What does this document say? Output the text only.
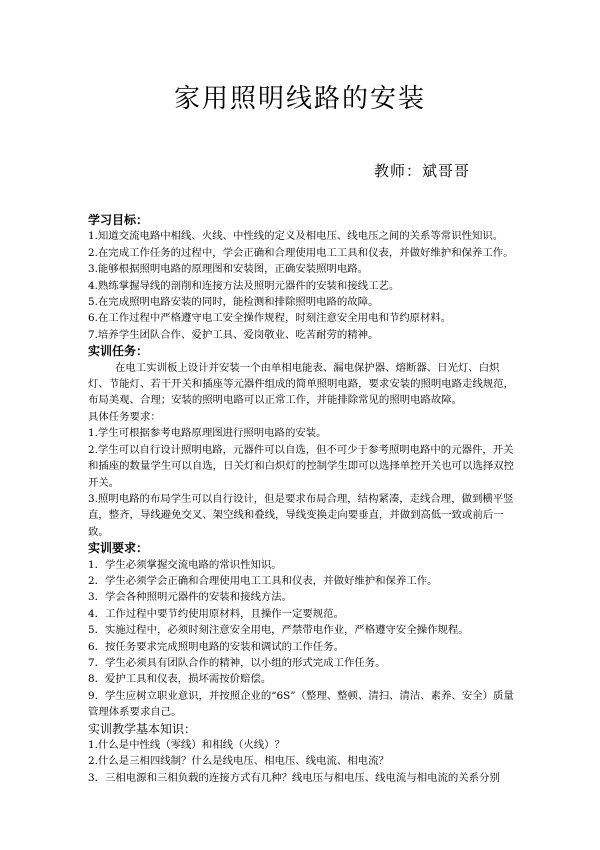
家用照明线路的安装
教师：斌哥哥

学习目标：

1.知道交流电路中相线、火线、中性线的定义及相电压、线电压之间的关系等常识性知识。

2.在完成工作任务的过程中，学会正确和合理使用电工工具和仪表，并做好维护和保养工作。

3.能够根据照明电路的原理图和安装图，正确安装照明电路。

4.熟练掌握导线的剖削和连接方法及照明元器件的安装和接线工艺。

5.在完成照明电路安装的同时，能检测和排除照明电路的故障。

6.在工作过程中严格遵守电工安全操作规程，时刻注意安全用电和节约原材料。

7.培养学生团队合作、爱护工具、爱岗敬业、吃苦耐劳的精神。

实训任务：

在电工实训板上设计并安装一个由单相电能表、漏电保护器、熔断器、日光灯、白炽灯、节能灯、若干开关和插座等元器件组成的简单照明电路，要求安装的照明电路走线规范，布局美观、合理；安装的照明电路可以正常工作，并能排除常见的照明电路故障。

具体任务要求：

1.学生可根据参考电路原理图进行照明电路的安装。

2.学生可以自行设计照明电路，元器件可以自选，但不可少于参考照明电路中的元器件，开关和插座的数量学生可以自选，日关灯和白炽灯的控制学生即可以选择单控开关也可以选择双控开关。

3.照明电路的布局学生可以自行设计，但是要求布局合理，结构紧凑，走线合理，做到横平竖直，整齐，导线避免交叉、架空线和叠线，导线变换走向要垂直，并做到高低一致或前后一致。

实训要求：

1．学生必须掌握交流电路的常识性知识。

2．学生必须学会正确和合理使用电工工具和仪表，并做好维护和保养工作。

3．学会各种照明元器件的安装和接线方法。

4．工作过程中要节约使用原材料，且操作一定要规范。

5．实施过程中，必须时刻注意安全用电，严禁带电作业，严格遵守安全操作规程。

6．按任务要求完成照明电路的安装和调试的工作任务。

7．学生必须具有团队合作的精神，以小组的形式完成工作任务。

8．爱护工具和仪表，损坏需按价赔偿。

9．学生应树立职业意识，并按照企业的“6S”（整理、整顿、清扫、清洁、素养、安全）质量管理体系要求自己。

实训教学基本知识：

1.什么是中性线（零线）和相线（火线）？

2.什么是三相四线制？什么是线电压、相电压、线电流、相电流？

3．三相电源和三相负载的连接方式有几种？线电压与相电压、线电流与相电流的关系分别
